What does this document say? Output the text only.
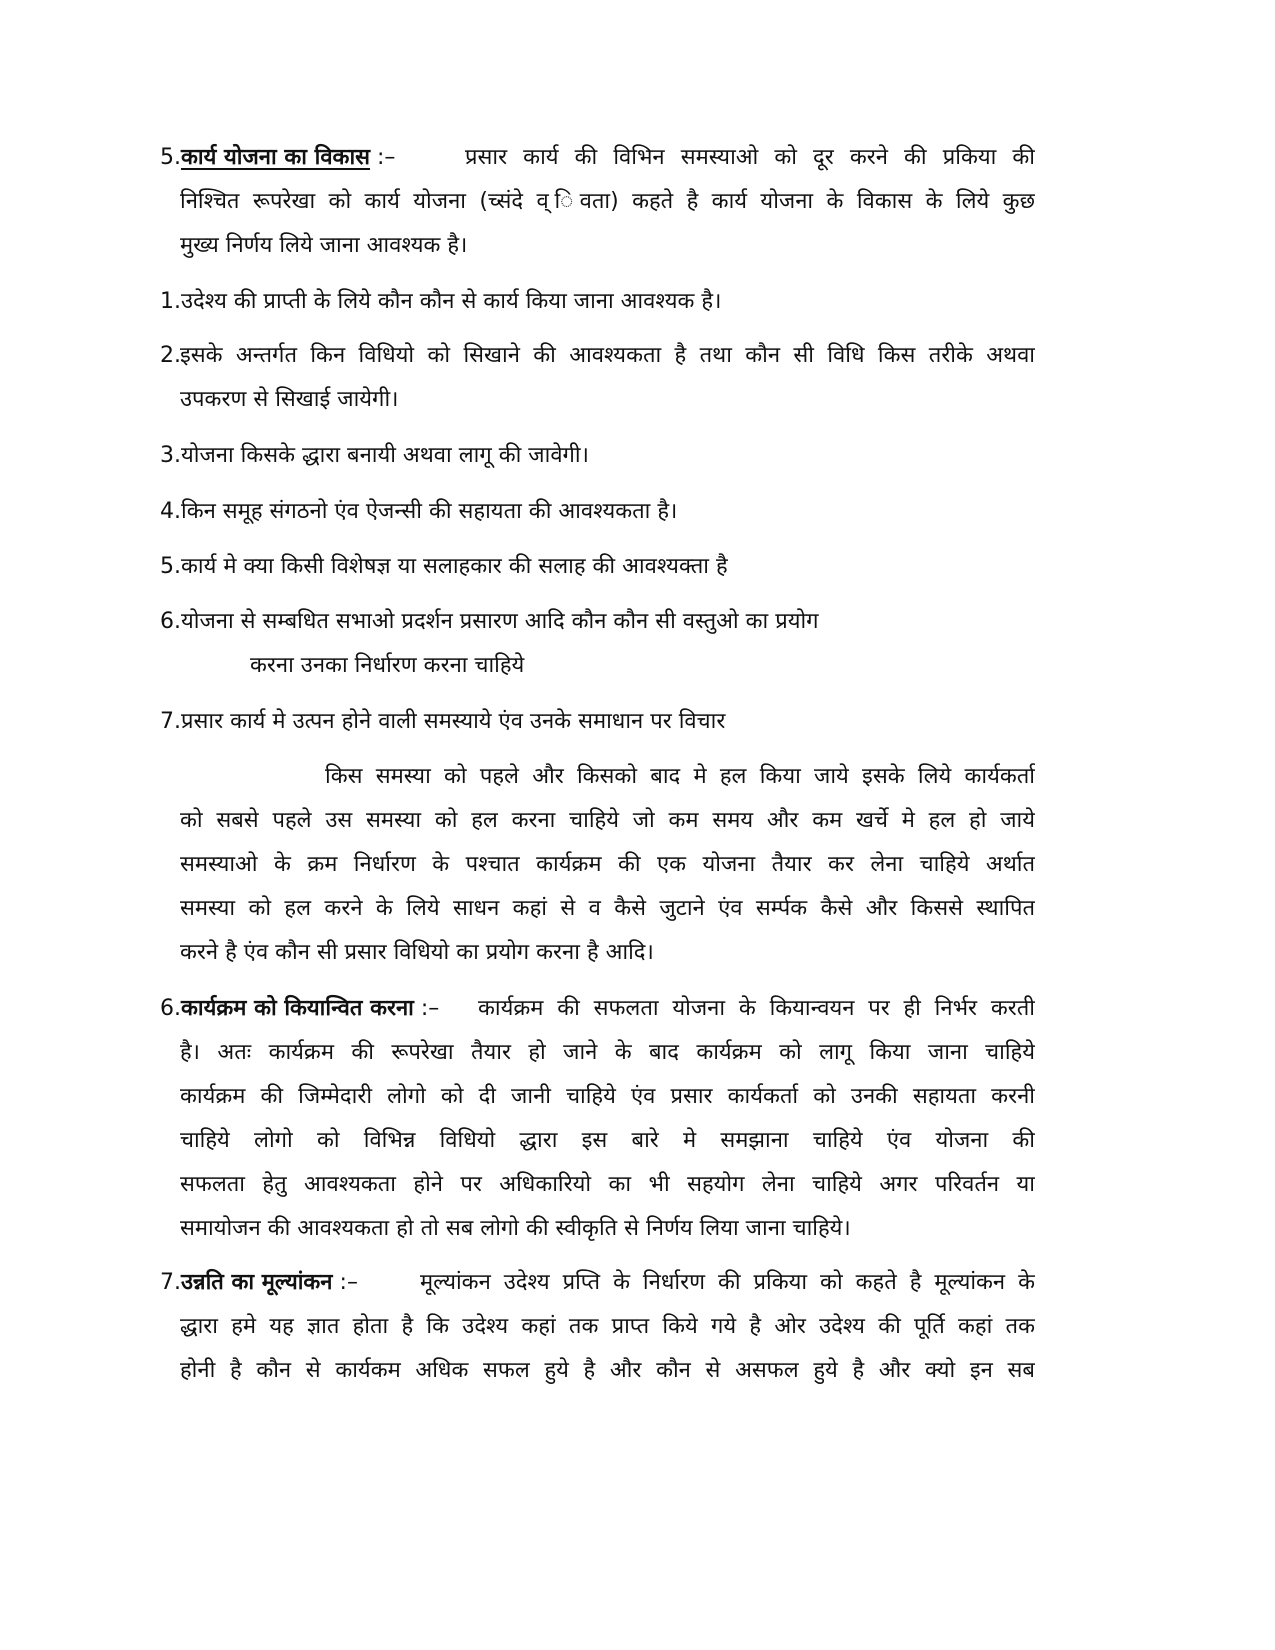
5.कार्य योजना का विकास :–	प्रसार कार्य की विभिन समस्याओ को दूर करने की प्रकिया की
निश्चित रूपरेखा को कार्य योजना (च्संदे व् िवता) कहते है कार्य योजना के विकास के लिये कुछ
मुख्य निर्णय लिये जाना आवश्यक है।
1.उदेश्य की प्राप्ती के लिये कौन कौन से कार्य किया जाना आवश्यक है।
2. इसके अन्तर्गत किन विधियो को सिखाने की आवश्यकता है तथा कौन सी विधि किस तरीके अथवा
उपकरण से सिखाई जायेगी।
3.योजना किसके द्धारा बनायी अथवा लागू की जावेगी।
4.किन समूह संगठनो एंव ऐजन्सी की सहायता की आवश्यकता है।
5.कार्य मे क्या किसी विशेषज्ञ या सलाहकार की सलाह की आवश्यक्ता है
6.योजना से सम्बधित सभाओ प्रदर्शन प्रसारण आदि कौन कौन सी वस्तुओ का प्रयोग
करना उनका निर्धारण करना चाहिये
7.प्रसार कार्य मे उत्पन होने वाली समस्याये एंव उनके समाधान पर विचार
किस समस्या को पहले और किसको बाद मे हल किया जाये इसके लिये कार्यकर्ता
को सबसे पहले उस समस्या को हल करना चाहिये जो कम समय और कम खर्चे मे हल हो जाये
समस्याओ के क्रम निर्धारण के पश्चात कार्यक्रम की एक योजना तैयार कर लेना चाहिये अर्थात
समस्या को हल करने के लिये साधन कहां से व कैसे जुटाने एंव सर्म्पक कैसे और किससे स्थापित
करने है एंव कौन सी प्रसार विधियो का प्रयोग करना है आदि।
6.कार्यक्रम को कियान्वित करना :– कार्यक्रम की सफलता योजना के कियान्वयन पर ही निर्भर करती
है। अतः कार्यक्रम की रूपरेखा तैयार हो जाने के बाद कार्यक्रम को लागू किया जाना चाहिये
कार्यक्रम की जिम्मेदारी लोगो को दी जानी चाहिये एंव प्रसार कार्यकर्ता को उनकी सहायता करनी
चाहिये लोगो को विभिन्न विधियो द्धारा इस बारे मे समझाना चाहिये एंव योजना की
सफलता हेतु आवश्यकता होने पर अधिकारियो का भी सहयोग लेना चाहिये अगर परिवर्तन या
समायोजन की आवश्यकता हो तो सब लोगो की स्वीकृति से निर्णय लिया जाना चाहिये।
7.उन्नति का मूल्यांकन :–	मूल्यांकन उदेश्य प्रप्ति के निर्धारण की प्रकिया को कहते है मूल्यांकन के
द्धारा हमे यह ज्ञात होता है कि उदेश्य कहां तक प्राप्त किये गये है ओर उदेश्य की पूर्ति कहां तक
होनी है कौन से कार्यकम अधिक सफल हुये है और कौन से असफल हुये है और क्यो इन सब
